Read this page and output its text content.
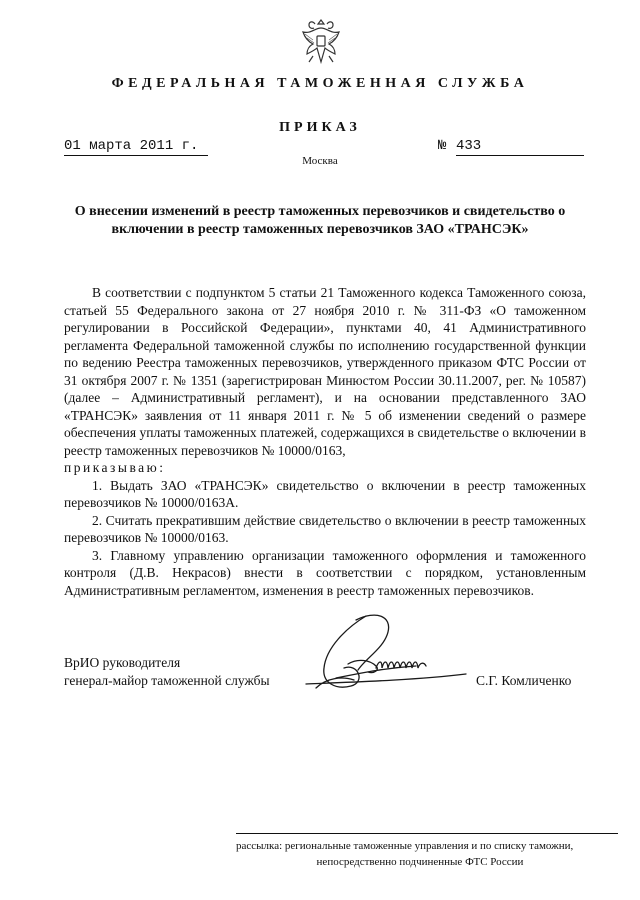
ФЕДЕРАЛЬНАЯ ТАМОЖЕННАЯ СЛУЖБА
ПРИКАЗ
01 марта 2011 г.	№ 433
Москва
О внесении изменений в реестр таможенных перевозчиков и свидетельство о включении в реестр таможенных перевозчиков ЗАО «ТРАНСЭК»

В соответствии с подпунктом 5 статьи 21 Таможенного кодекса Таможенного союза, статьей 55 Федерального закона от 27 ноября 2010 г. № 311-ФЗ «О таможенном регулировании в Российской Федерации», пунктами 40, 41 Административного регламента Федеральной таможенной службы по исполнению государственной функции по ведению Реестра таможенных перевозчиков, утвержденного приказом ФТС России от 31 октября 2007 г. № 1351 (зарегистрирован Минюстом России 30.11.2007, рег. № 10587) (далее – Административный регламент), и на основании представленного ЗАО «ТРАНСЭК» заявления от 11 января 2011 г. № 5 об изменении сведений о размере обеспечения уплаты таможенных платежей, содержащихся в свидетельстве о включении в реестр таможенных перевозчиков № 10000/0163,

приказываю:

1. Выдать ЗАО «ТРАНСЭК» свидетельство о включении в реестр таможенных перевозчиков № 10000/0163А.

2. Считать прекратившим действие свидетельство о включении в реестр таможенных перевозчиков № 10000/0163.

3. Главному управлению организации таможенного оформления и таможенного контроля (Д.В. Некрасов) внести в соответствии с порядком, установленным Административным регламентом, изменения в реестр таможенных перевозчиков.

ВрИО руководителя
генерал-майор таможенной службы	С.Г. Комличенко
рассылка: региональные таможенные управления и по списку таможни,
непосредственно подчиненные ФТС России
